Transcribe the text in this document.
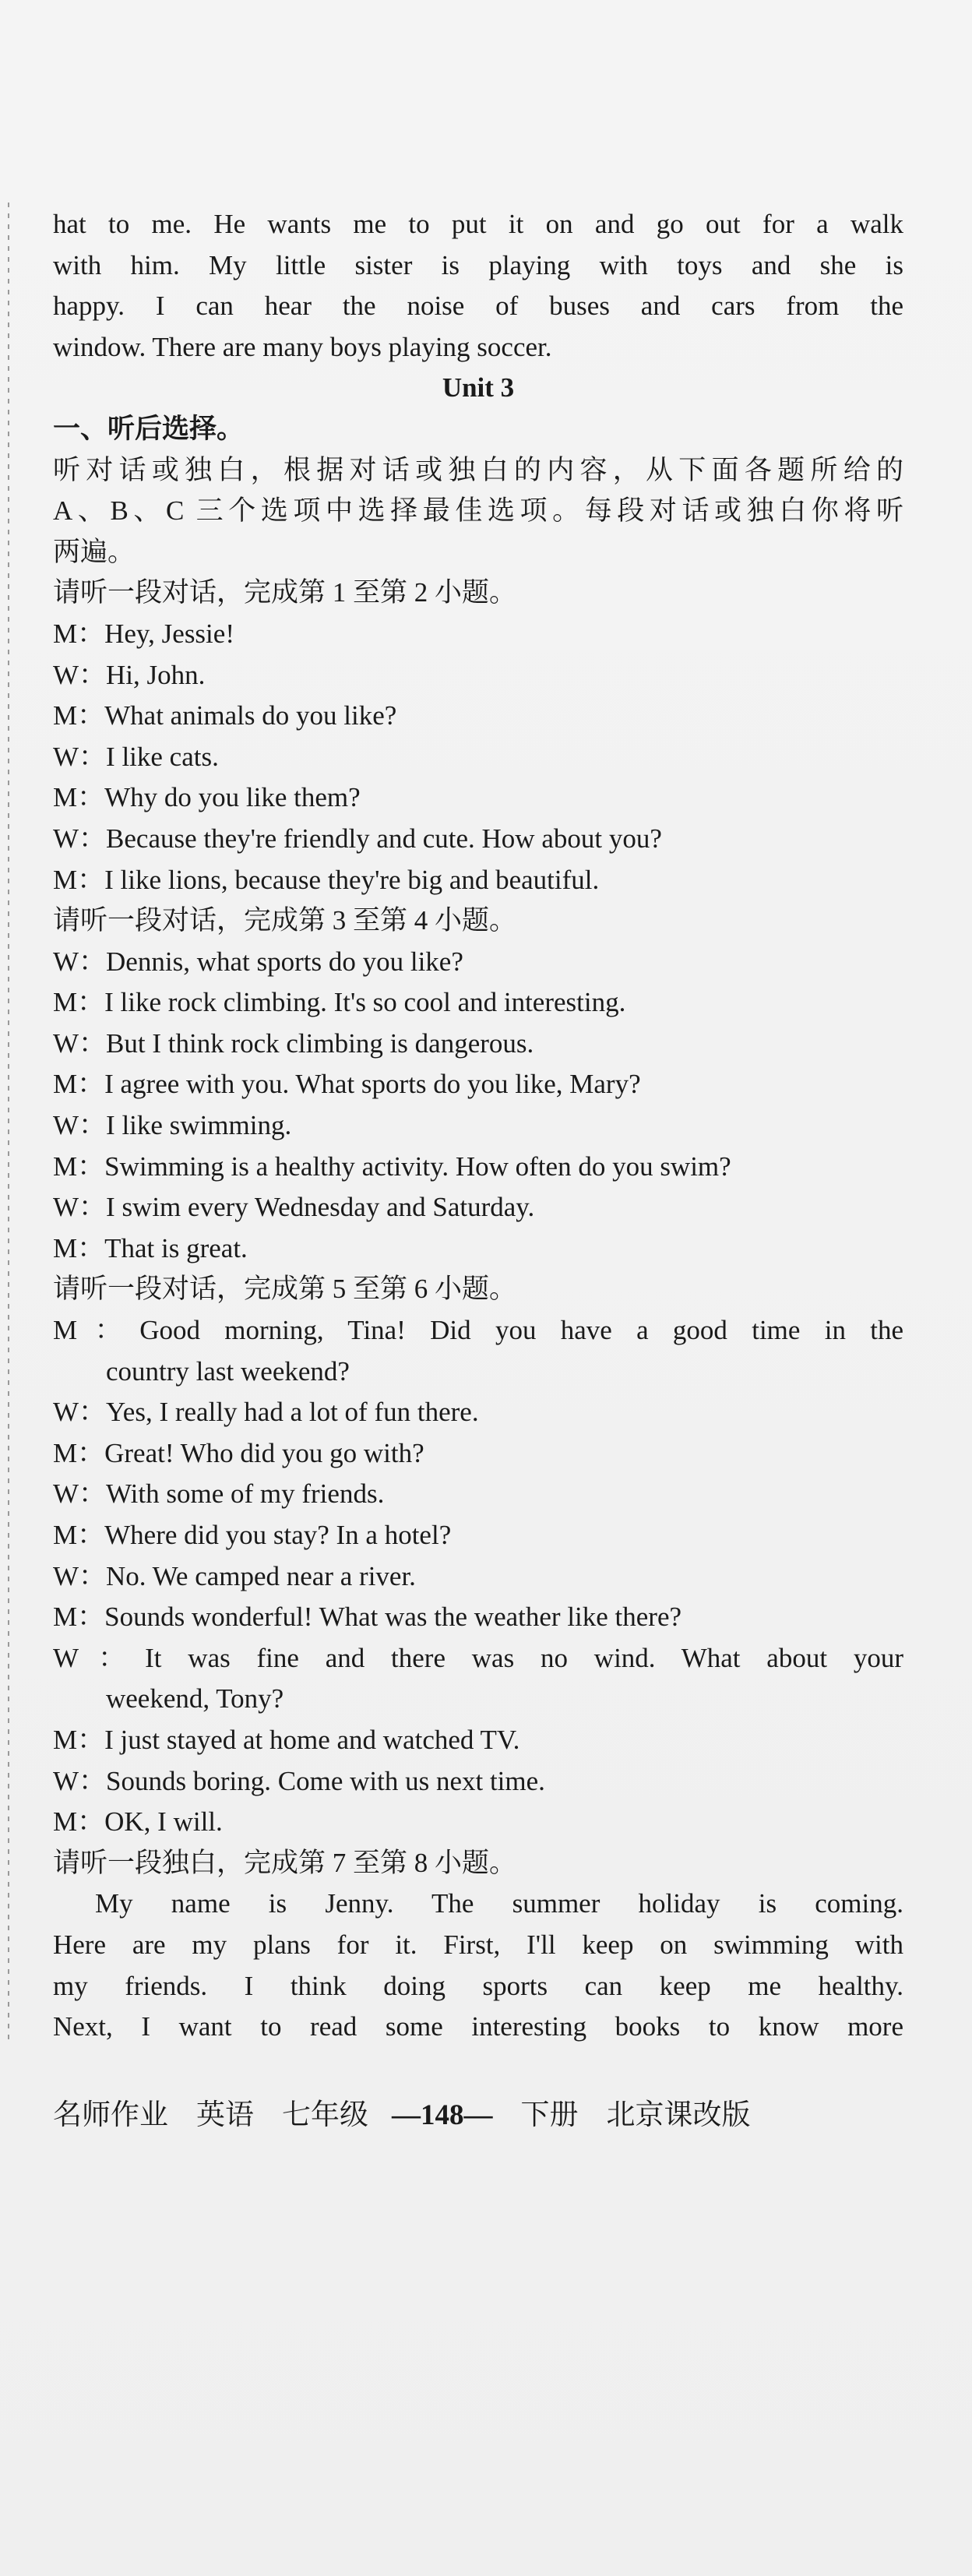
hat to me. He wants me to put it on and go out for a walk
with him. My little sister is playing with toys and she is
happy. I can hear the noise of buses and cars from the
window. There are many boys playing soccer.
Unit 3
一、听后选择。
听对话或独白，根据对话或独白的内容，从下面各题所给的
A、B、C 三个选项中选择最佳选项。每段对话或独白你将听
两遍。
请听一段对话，完成第 1 至第 2 小题。
M：Hey, Jessie!
W：Hi, John.
M：What animals do you like?
W：I like cats.
M：Why do you like them?
W：Because they're friendly and cute. How about you?
M：I like lions, because they're big and beautiful.
请听一段对话，完成第 3 至第 4 小题。
W：Dennis, what sports do you like?
M：I like rock climbing. It's so cool and interesting.
W：But I think rock climbing is dangerous.
M：I agree with you. What sports do you like, Mary?
W：I like swimming.
M：Swimming is a healthy activity. How often do you swim?
W：I swim every Wednesday and Saturday.
M：That is great.
请听一段对话，完成第 5 至第 6 小题。
M：Good morning, Tina! Did you have a good time in the
country last weekend?
W：Yes, I really had a lot of fun there.
M：Great! Who did you go with?
W：With some of my friends.
M：Where did you stay? In a hotel?
W：No. We camped near a river.
M：Sounds wonderful! What was the weather like there?
W：It was fine and there was no wind. What about your
weekend, Tony?
M：I just stayed at home and watched TV.
W：Sounds boring. Come with us next time.
M：OK, I will.
请听一段独白，完成第 7 至第 8 小题。
My name is Jenny. The summer holiday is coming.
Here are my plans for it. First, I'll keep on swimming with
my friends. I think doing sports can keep me healthy.
Next, I want to read some interesting books to know more
名师作业 英语 七年级 —148— 下册 北京课改版
